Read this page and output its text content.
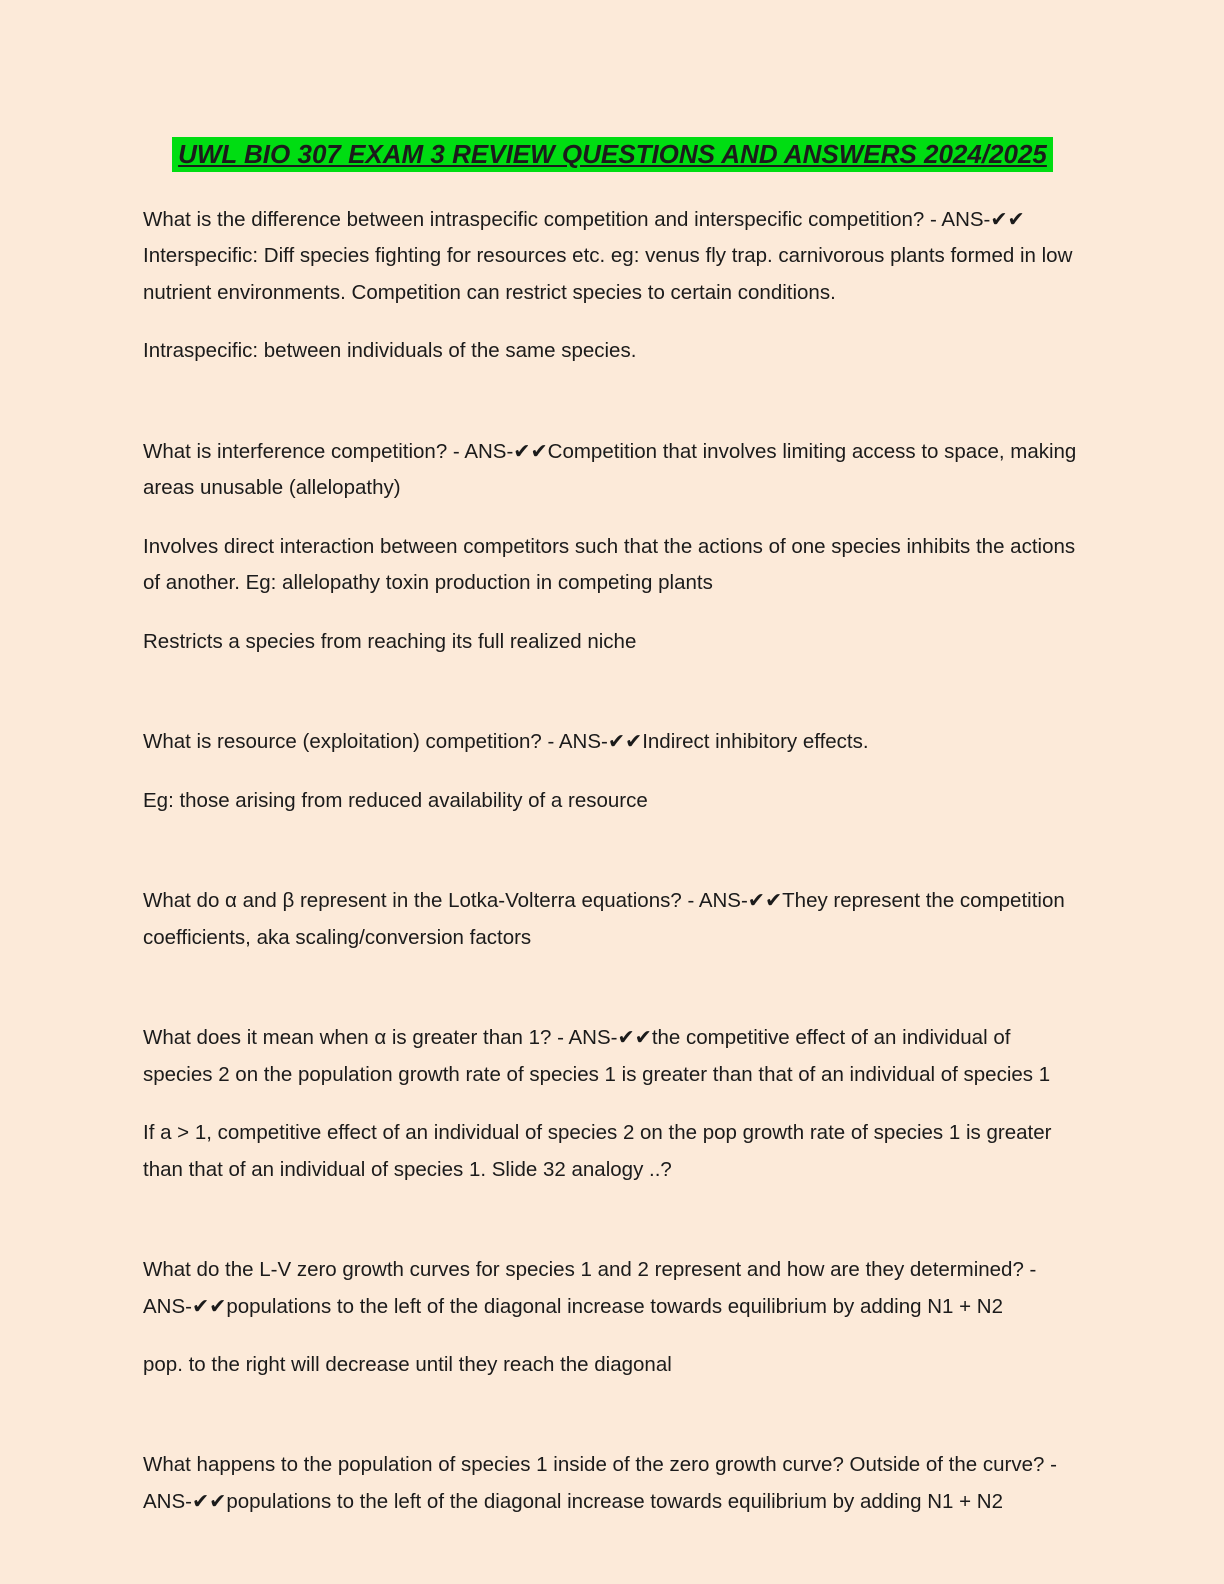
UWL BIO 307 EXAM 3 REVIEW QUESTIONS AND ANSWERS 2024/2025

What is the difference between intraspecific competition and interspecific competition? - ANS-✔✔ Interspecific: Diff species fighting for resources etc. eg: venus fly trap. carnivorous plants formed in low nutrient environments. Competition can restrict species to certain conditions.

Intraspecific: between individuals of the same species.

What is interference competition? - ANS-✔✔Competition that involves limiting access to space, making areas unusable (allelopathy)

Involves direct interaction between competitors such that the actions of one species inhibits the actions of another. Eg: allelopathy toxin production in competing plants

Restricts a species from reaching its full realized niche

What is resource (exploitation) competition? - ANS-✔✔Indirect inhibitory effects.

Eg: those arising from reduced availability of a resource

What do α and β represent in the Lotka-Volterra equations? - ANS-✔✔They represent the competition coefficients, aka scaling/conversion factors

What does it mean when α is greater than 1? - ANS-✔✔the competitive effect of an individual of species 2 on the population growth rate of species 1 is greater than that of an individual of species 1

If a > 1, competitive effect of an individual of species 2 on the pop growth rate of species 1 is greater than that of an individual of species 1. Slide 32 analogy ..?

What do the L-V zero growth curves for species 1 and 2 represent and how are they determined? - ANS-✔✔populations to the left of the diagonal increase towards equilibrium by adding N1 + N2

pop. to the right will decrease until they reach the diagonal

What happens to the population of species 1 inside of the zero growth curve? Outside of the curve? - ANS-✔✔populations to the left of the diagonal increase towards equilibrium by adding N1 + N2
